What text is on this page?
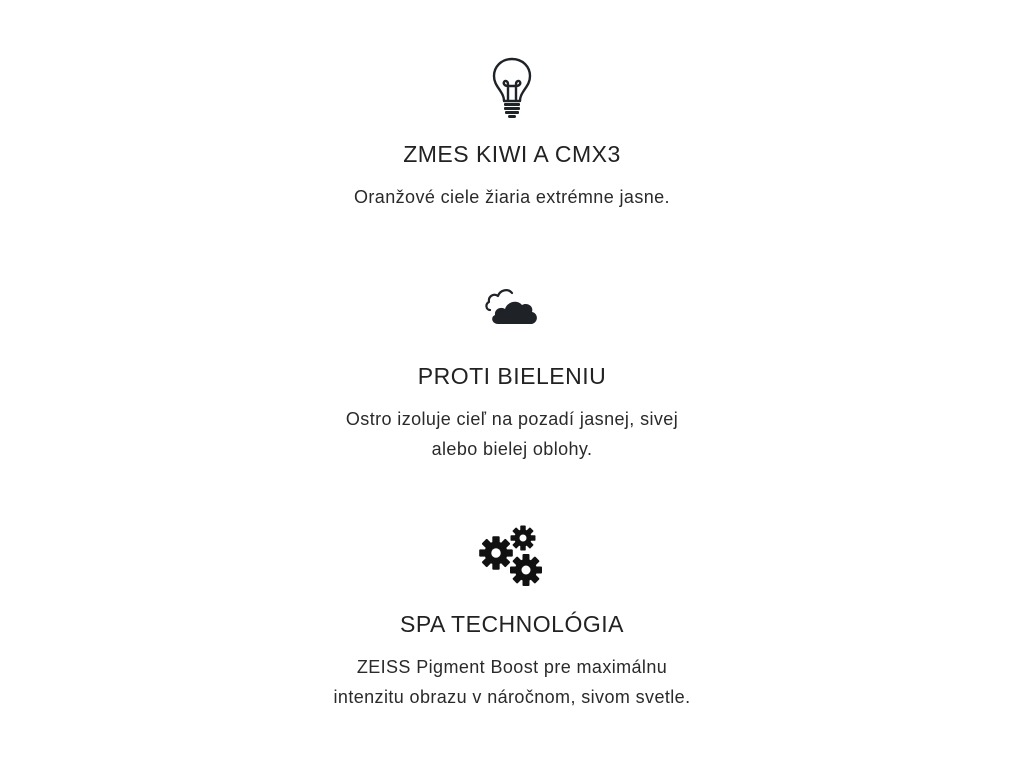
ZMES KIWI A CMX3

Oranžové ciele žiaria extrémne jasne.

PROTI BIELENIU

Ostro izoluje cieľ na pozadí jasnej, sivej
alebo bielej oblohy.

SPA TECHNOLÓGIA

ZEISS Pigment Boost pre maximálnu
intenzitu obrazu v náročnom, sivom svetle.
